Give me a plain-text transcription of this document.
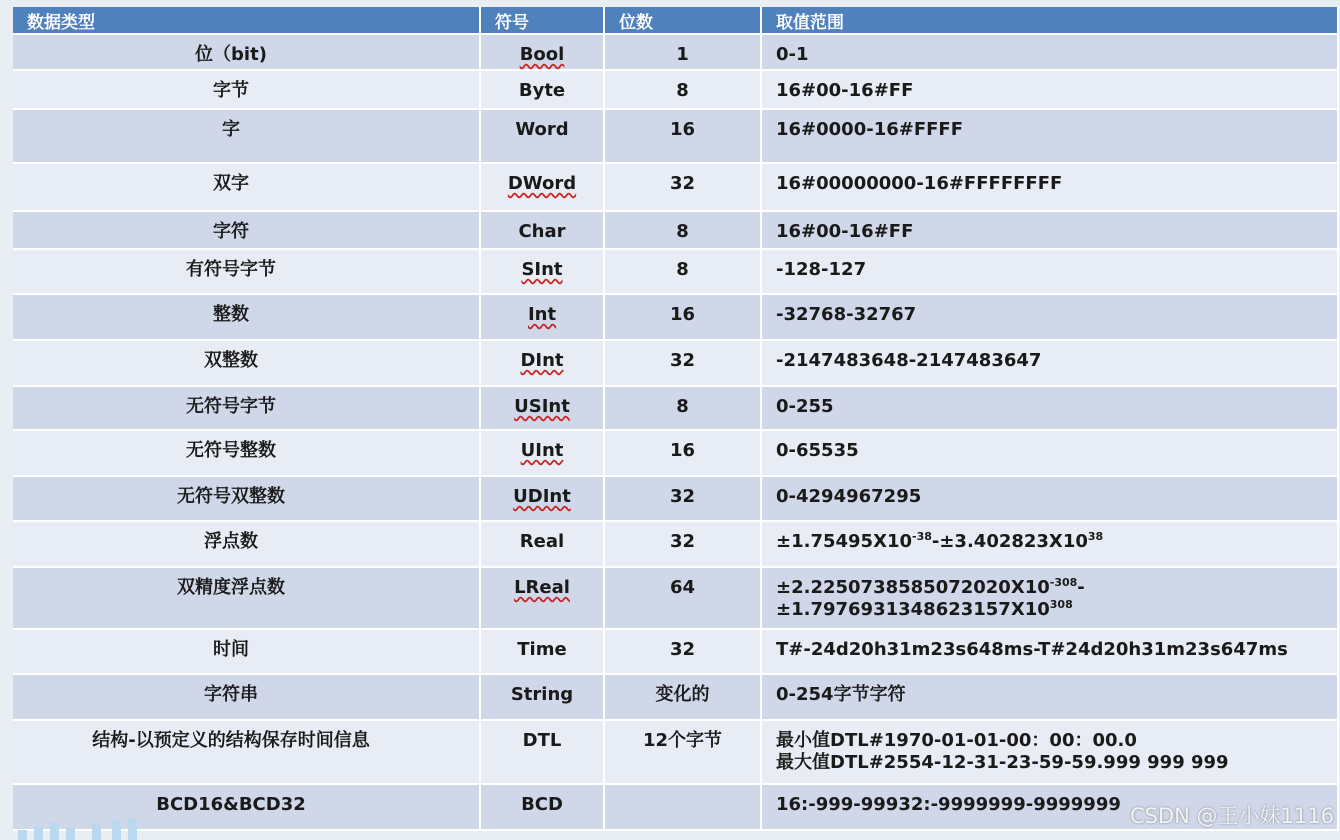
数据类型	符号	位数	取值范围

位（bit)	Bool	1	0-1

字节	Byte	8	16#00-16#FF

字	Word	16	16#0000-16#FFFF

双字	DWord	32	16#00000000-16#FFFFFFFF

字符	Char	8	16#00-16#FF

有符号字节	SInt	8	-128-127

整数	Int	16	-32768-32767

双整数	DInt	32	-2147483648-2147483647

无符号字节	USInt	8	0-255

无符号整数	UInt	16	0-65535

无符号双整数	UDInt	32	0-4294967295

浮点数	Real	32	$\pm 1.75495X10^{-38}-\pm 3.402823X10^{38}$

双精度浮点数	LReal	64	$\pm 2.2250738585072020X10^{-308}-$
$\pm 1.7976931348623157X10^{308}$

时间	Time	32	T#-24d20h31m23s648ms-T#24d20h31m23s647ms

字符串	String	变化的	0-254字节字符

结构-以预定义的结构保存时间信息	DTL	12个字节	最小值DTL#1970-01-01-00：00：00.0
最大值DTL#2554-12-31-23-59-59.999 999 999

BCD16&BCD32	BCD		16:-999-99932:-9999999-9999999 CSDN @王小妹1116
